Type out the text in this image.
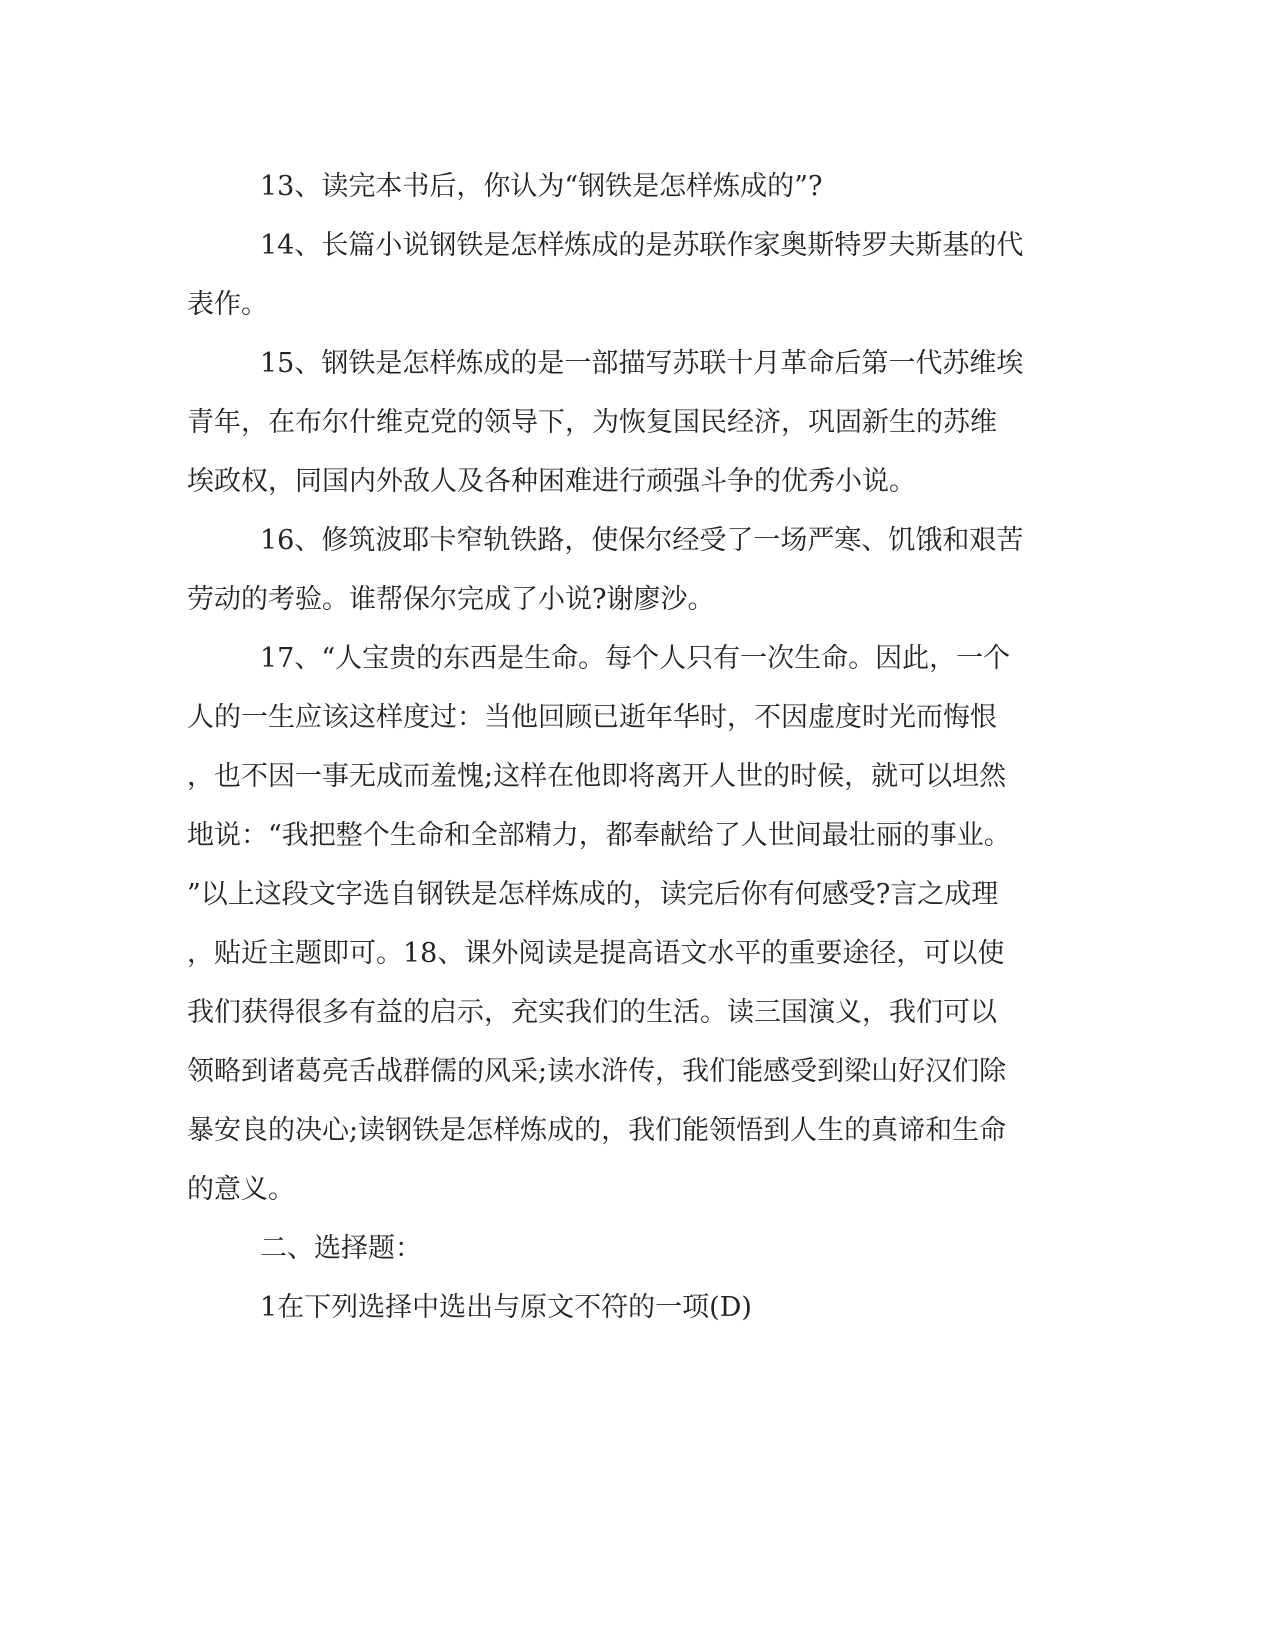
13、读完本书后，你认为“钢铁是怎样炼成的”?
14、长篇小说钢铁是怎样炼成的是苏联作家奥斯特罗夫斯基的代
表作。
15、钢铁是怎样炼成的是一部描写苏联十月革命后第一代苏维埃
青年，在布尔什维克党的领导下，为恢复国民经济，巩固新生的苏维
埃政权，同国内外敌人及各种困难进行顽强斗争的优秀小说。
16、修筑波耶卡窄轨铁路，使保尔经受了一场严寒、饥饿和艰苦
劳动的考验。谁帮保尔完成了小说?谢廖沙。
17、“人宝贵的东西是生命。每个人只有一次生命。因此，一个
人的一生应该这样度过：当他回顾已逝年华时，不因虚度时光而悔恨
，也不因一事无成而羞愧;这样在他即将离开人世的时候，就可以坦然
地说：“我把整个生命和全部精力，都奉献给了人世间最壮丽的事业。
”以上这段文字选自钢铁是怎样炼成的，读完后你有何感受?言之成理
，贴近主题即可。18、课外阅读是提高语文水平的重要途径，可以使
我们获得很多有益的启示，充实我们的生活。读三国演义，我们可以
领略到诸葛亮舌战群儒的风采;读水浒传，我们能感受到梁山好汉们除
暴安良的决心;读钢铁是怎样炼成的，我们能领悟到人生的真谛和生命
的意义。
二、选择题：
1在下列选择中选出与原文不符的一项(D)
